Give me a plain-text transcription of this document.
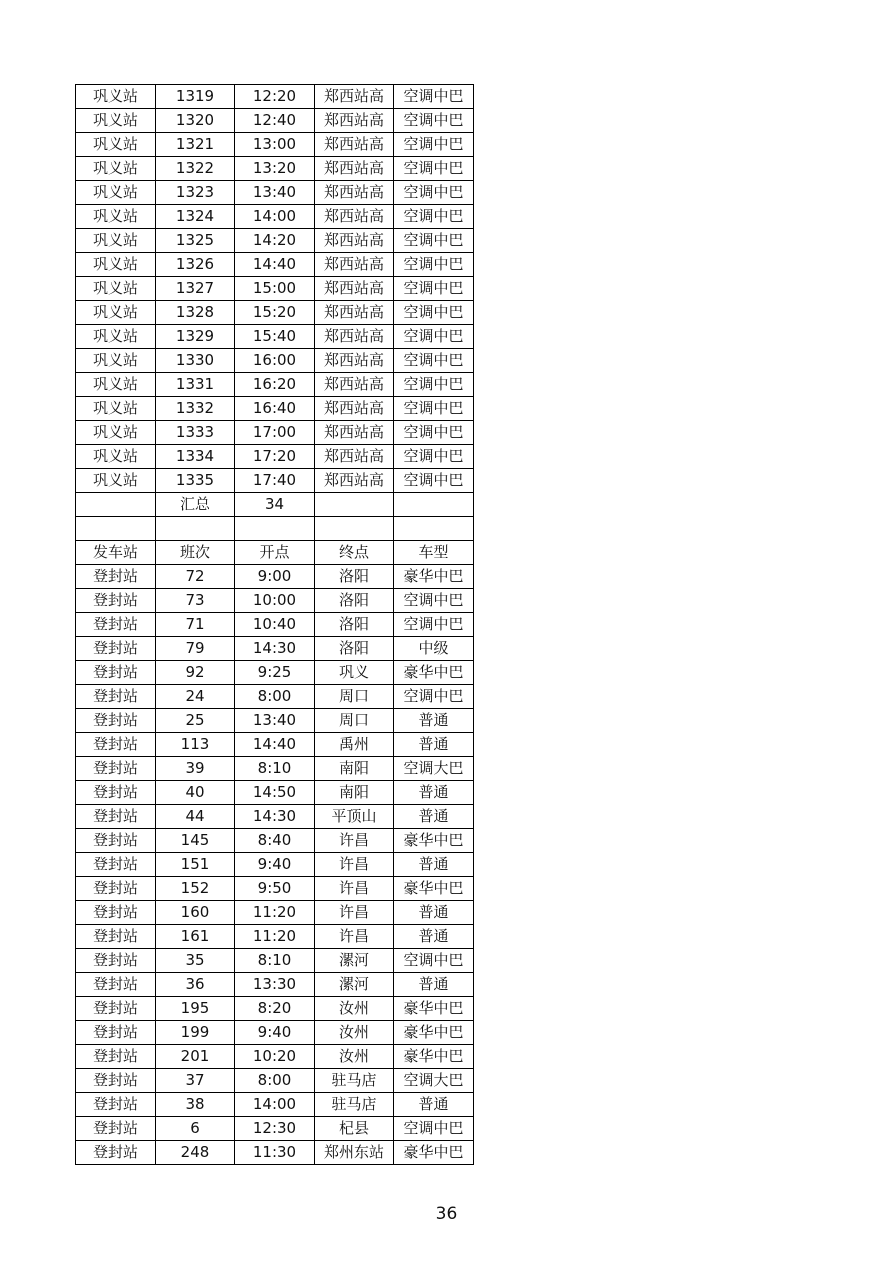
巩义站	1319	12:20	郑西站高	空调中巴
巩义站	1320	12:40	郑西站高	空调中巴
巩义站	1321	13:00	郑西站高	空调中巴
巩义站	1322	13:20	郑西站高	空调中巴
巩义站	1323	13:40	郑西站高	空调中巴
巩义站	1324	14:00	郑西站高	空调中巴
巩义站	1325	14:20	郑西站高	空调中巴
巩义站	1326	14:40	郑西站高	空调中巴
巩义站	1327	15:00	郑西站高	空调中巴
巩义站	1328	15:20	郑西站高	空调中巴
巩义站	1329	15:40	郑西站高	空调中巴
巩义站	1330	16:00	郑西站高	空调中巴
巩义站	1331	16:20	郑西站高	空调中巴
巩义站	1332	16:40	郑西站高	空调中巴
巩义站	1333	17:00	郑西站高	空调中巴
巩义站	1334	17:20	郑西站高	空调中巴
巩义站	1335	17:40	郑西站高	空调中巴
	汇总	34		

发车站	班次	开点	终点	车型
登封站	72	9:00	洛阳	豪华中巴
登封站	73	10:00	洛阳	空调中巴
登封站	71	10:40	洛阳	空调中巴
登封站	79	14:30	洛阳	中级
登封站	92	9:25	巩义	豪华中巴
登封站	24	8:00	周口	空调中巴
登封站	25	13:40	周口	普通
登封站	113	14:40	禹州	普通
登封站	39	8:10	南阳	空调大巴
登封站	40	14:50	南阳	普通
登封站	44	14:30	平顶山	普通
登封站	145	8:40	许昌	豪华中巴
登封站	151	9:40	许昌	普通
登封站	152	9:50	许昌	豪华中巴
登封站	160	11:20	许昌	普通
登封站	161	11:20	许昌	普通
登封站	35	8:10	漯河	空调中巴
登封站	36	13:30	漯河	普通
登封站	195	8:20	汝州	豪华中巴
登封站	199	9:40	汝州	豪华中巴
登封站	201	10:20	汝州	豪华中巴
登封站	37	8:00	驻马店	空调大巴
登封站	38	14:00	驻马店	普通
登封站	6	12:30	杞县	空调中巴
登封站	248	11:30	郑州东站	豪华中巴
36
